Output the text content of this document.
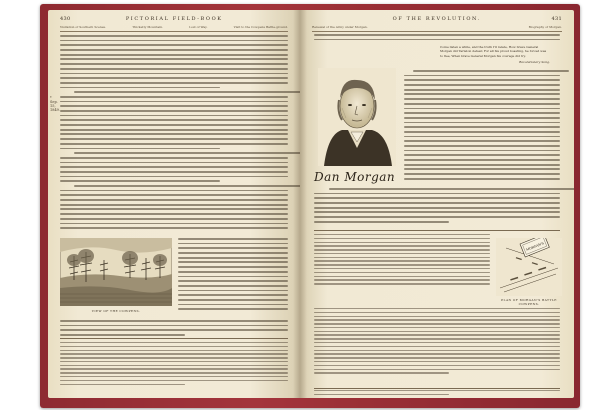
430	PICTORIAL FIELD-BOOK
Visitation of Southern Scenes.	Thicketty Mountain.	Lost of Way.	Visit to the Cowpens Battle-ground.
* Sep. 15, 1849.
VIEW OF THE COWPENS.
OF THE REVOLUTION.	431
Renewal of the Army under Morgan.	Biography of Morgan.
Come listen a while, and the truth I'll relate, How brave General Morgan did Tarleton defeat; For all his proud boasting, he forced was to flee, When brave General Morgan his courage did try.
Revolutionary Song.
Dan Morgan
MORGAN'S
PLAN OF MORGAN'S BATTLE COWPENS.
